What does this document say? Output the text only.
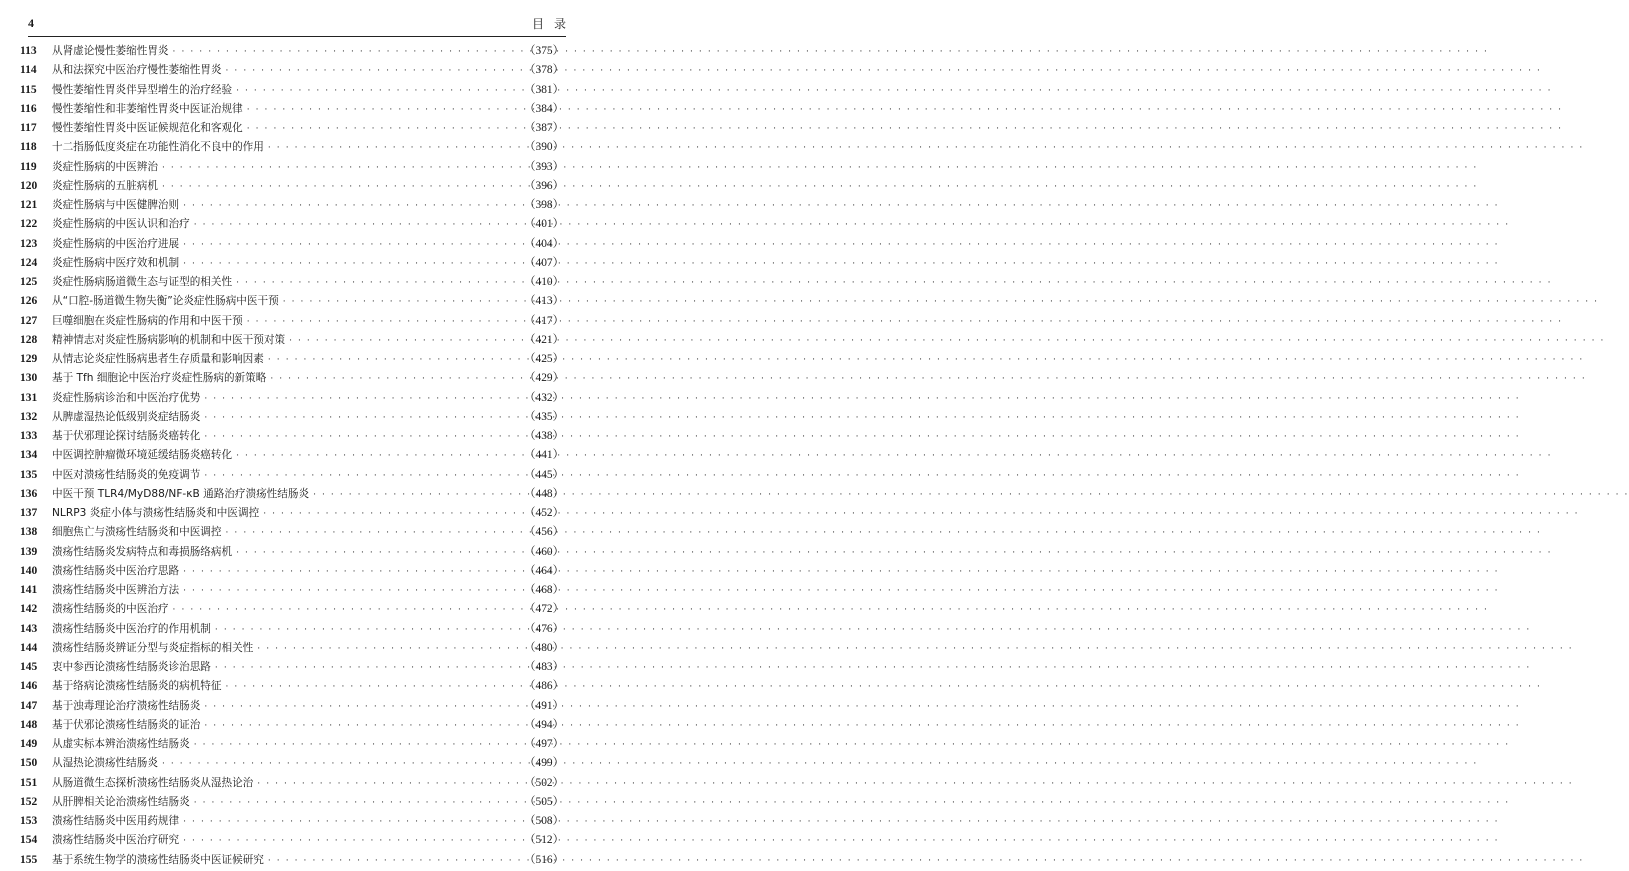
4	目录
113	从肾虚论慢性萎缩性胃炎 · · ·	（375）
114	从和法探究中医治疗慢性萎缩性胃炎 · · ·	（378）
115	慢性萎缩性胃炎伴异型增生的治疗经验 · · ·	（381）
116	慢性萎缩性和非萎缩性胃炎中医证治规律 · · ·	（384）
117	慢性萎缩性胃炎中医证候规范化和客观化 · · ·	（387）
118	十二指肠低度炎症在功能性消化不良中的作用 · · ·	（390）
119	炎症性肠病的中医辨治 · · ·	（393）
120	炎症性肠病的五脏病机 · · ·	（396）
121	炎症性肠病与中医健脾治则 · · ·	（398）
122	炎症性肠病的中医认识和治疗 · · ·	（401）
123	炎症性肠病的中医治疗进展 · · ·	（404）
124	炎症性肠病中医疗效和机制 · · ·	（407）
125	炎症性肠病肠道微生态与证型的相关性 · · ·	（410）
126	从“口腔-肠道微生物失衡”论炎症性肠病中医干预 · · ·	（413）
127	巨噬细胞在炎症性肠病的作用和中医干预 · · ·	（417）
128	精神情志对炎症性肠病影响的机制和中医干预对策 · · ·	（421）
129	从情志论炎症性肠病患者生存质量和影响因素 · · ·	（425）
130	基于 Tfh 细胞论中医治疗炎症性肠病的新策略 · · ·	（429）
131	炎症性肠病诊治和中医治疗优势 · · ·	（432）
132	从脾虚湿热论低级别炎症结肠炎 · · ·	（435）
133	基于伏邪理论探讨结肠炎癌转化 · · ·	（438）
134	中医调控肿瘤微环境延缓结肠炎癌转化 · · ·	（441）
135	中医对溃疡性结肠炎的免疫调节 · · ·	（445）
136	中医干预 TLR4/MyD88/NF-κB 通路治疗溃疡性结肠炎 · · ·	（448）
137	NLRP3 炎症小体与溃疡性结肠炎和中医调控 · · ·	（452）
138	细胞焦亡与溃疡性结肠炎和中医调控 · · ·	（456）
139	溃疡性结肠炎发病特点和毒损肠络病机 · · ·	（460）
140	溃疡性结肠炎中医治疗思路 · · ·	（464）
141	溃疡性结肠炎中医辨治方法 · · ·	（468）
142	溃疡性结肠炎的中医治疗 · · ·	（472）
143	溃疡性结肠炎中医治疗的作用机制 · · ·	（476）
144	溃疡性结肠炎辨证分型与炎症指标的相关性 · · ·	（480）
145	衷中参西论溃疡性结肠炎诊治思路 · · ·	（483）
146	基于络病论溃疡性结肠炎的病机特征 · · ·	（486）
147	基于浊毒理论治疗溃疡性结肠炎 · · ·	（491）
148	基于伏邪论溃疡性结肠炎的证治 · · ·	（494）
149	从虚实标本辨治溃疡性结肠炎 · · ·	（497）
150	从湿热论溃疡性结肠炎 · · ·	（499）
151	从肠道微生态探析溃疡性结肠炎从湿热论治 · · ·	（502）
152	从肝脾相关论治溃疡性结肠炎 · · ·	（505）
153	溃疡性结肠炎中医用药规律 · · ·	（508）
154	溃疡性结肠炎中医治疗研究 · · ·	（512）
155	基于系统生物学的溃疡性结肠炎中医证候研究 · · ·	（516）
